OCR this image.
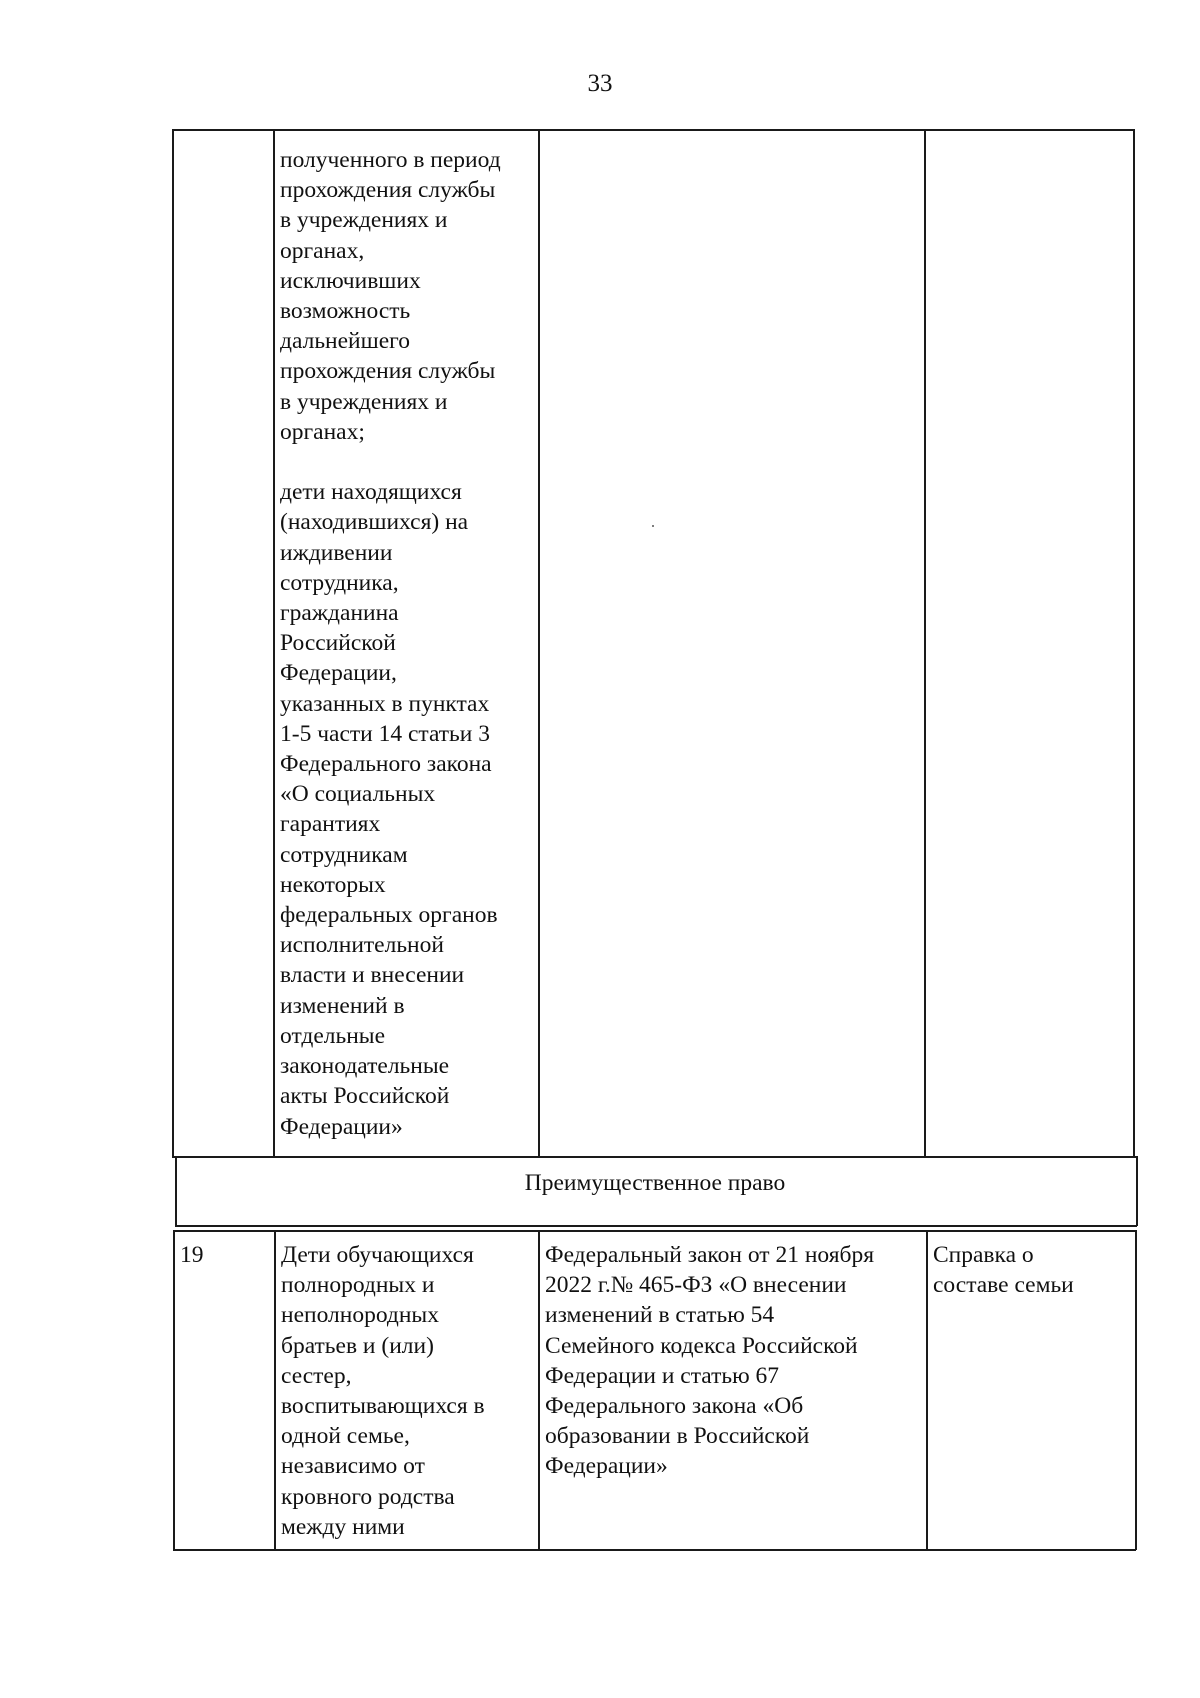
33
полученного в период
прохождения службы
в учреждениях и
органах,
исключивших
возможность
дальнейшего
прохождения службы
в учреждениях и
органах;

дети находящихся
(находившихся) на
иждивении
сотрудника,
гражданина
Российской
Федерации,
указанных в пунктах
1-5 части 14 статьи 3
Федерального закона
«О социальных
гарантиях
сотрудникам
некоторых
федеральных органов
исполнительной
власти и внесении
изменений в
отдельные
законодательные
акты Российской
Федерации»
Преимущественное право
19	Дети обучающихся
полнородных и
неполнородных
братьев и (или)
сестер,
воспитывающихся в
одной семье,
независимо от
кровного родства
между ними
Федеральный закон от 21 ноября
2022 г.№ 465-ФЗ «О внесении
изменений в статью 54
Семейного кодекса Российской
Федерации и статью 67
Федерального закона «Об
образовании в Российской
Федерации»
Справка о
составе семьи
